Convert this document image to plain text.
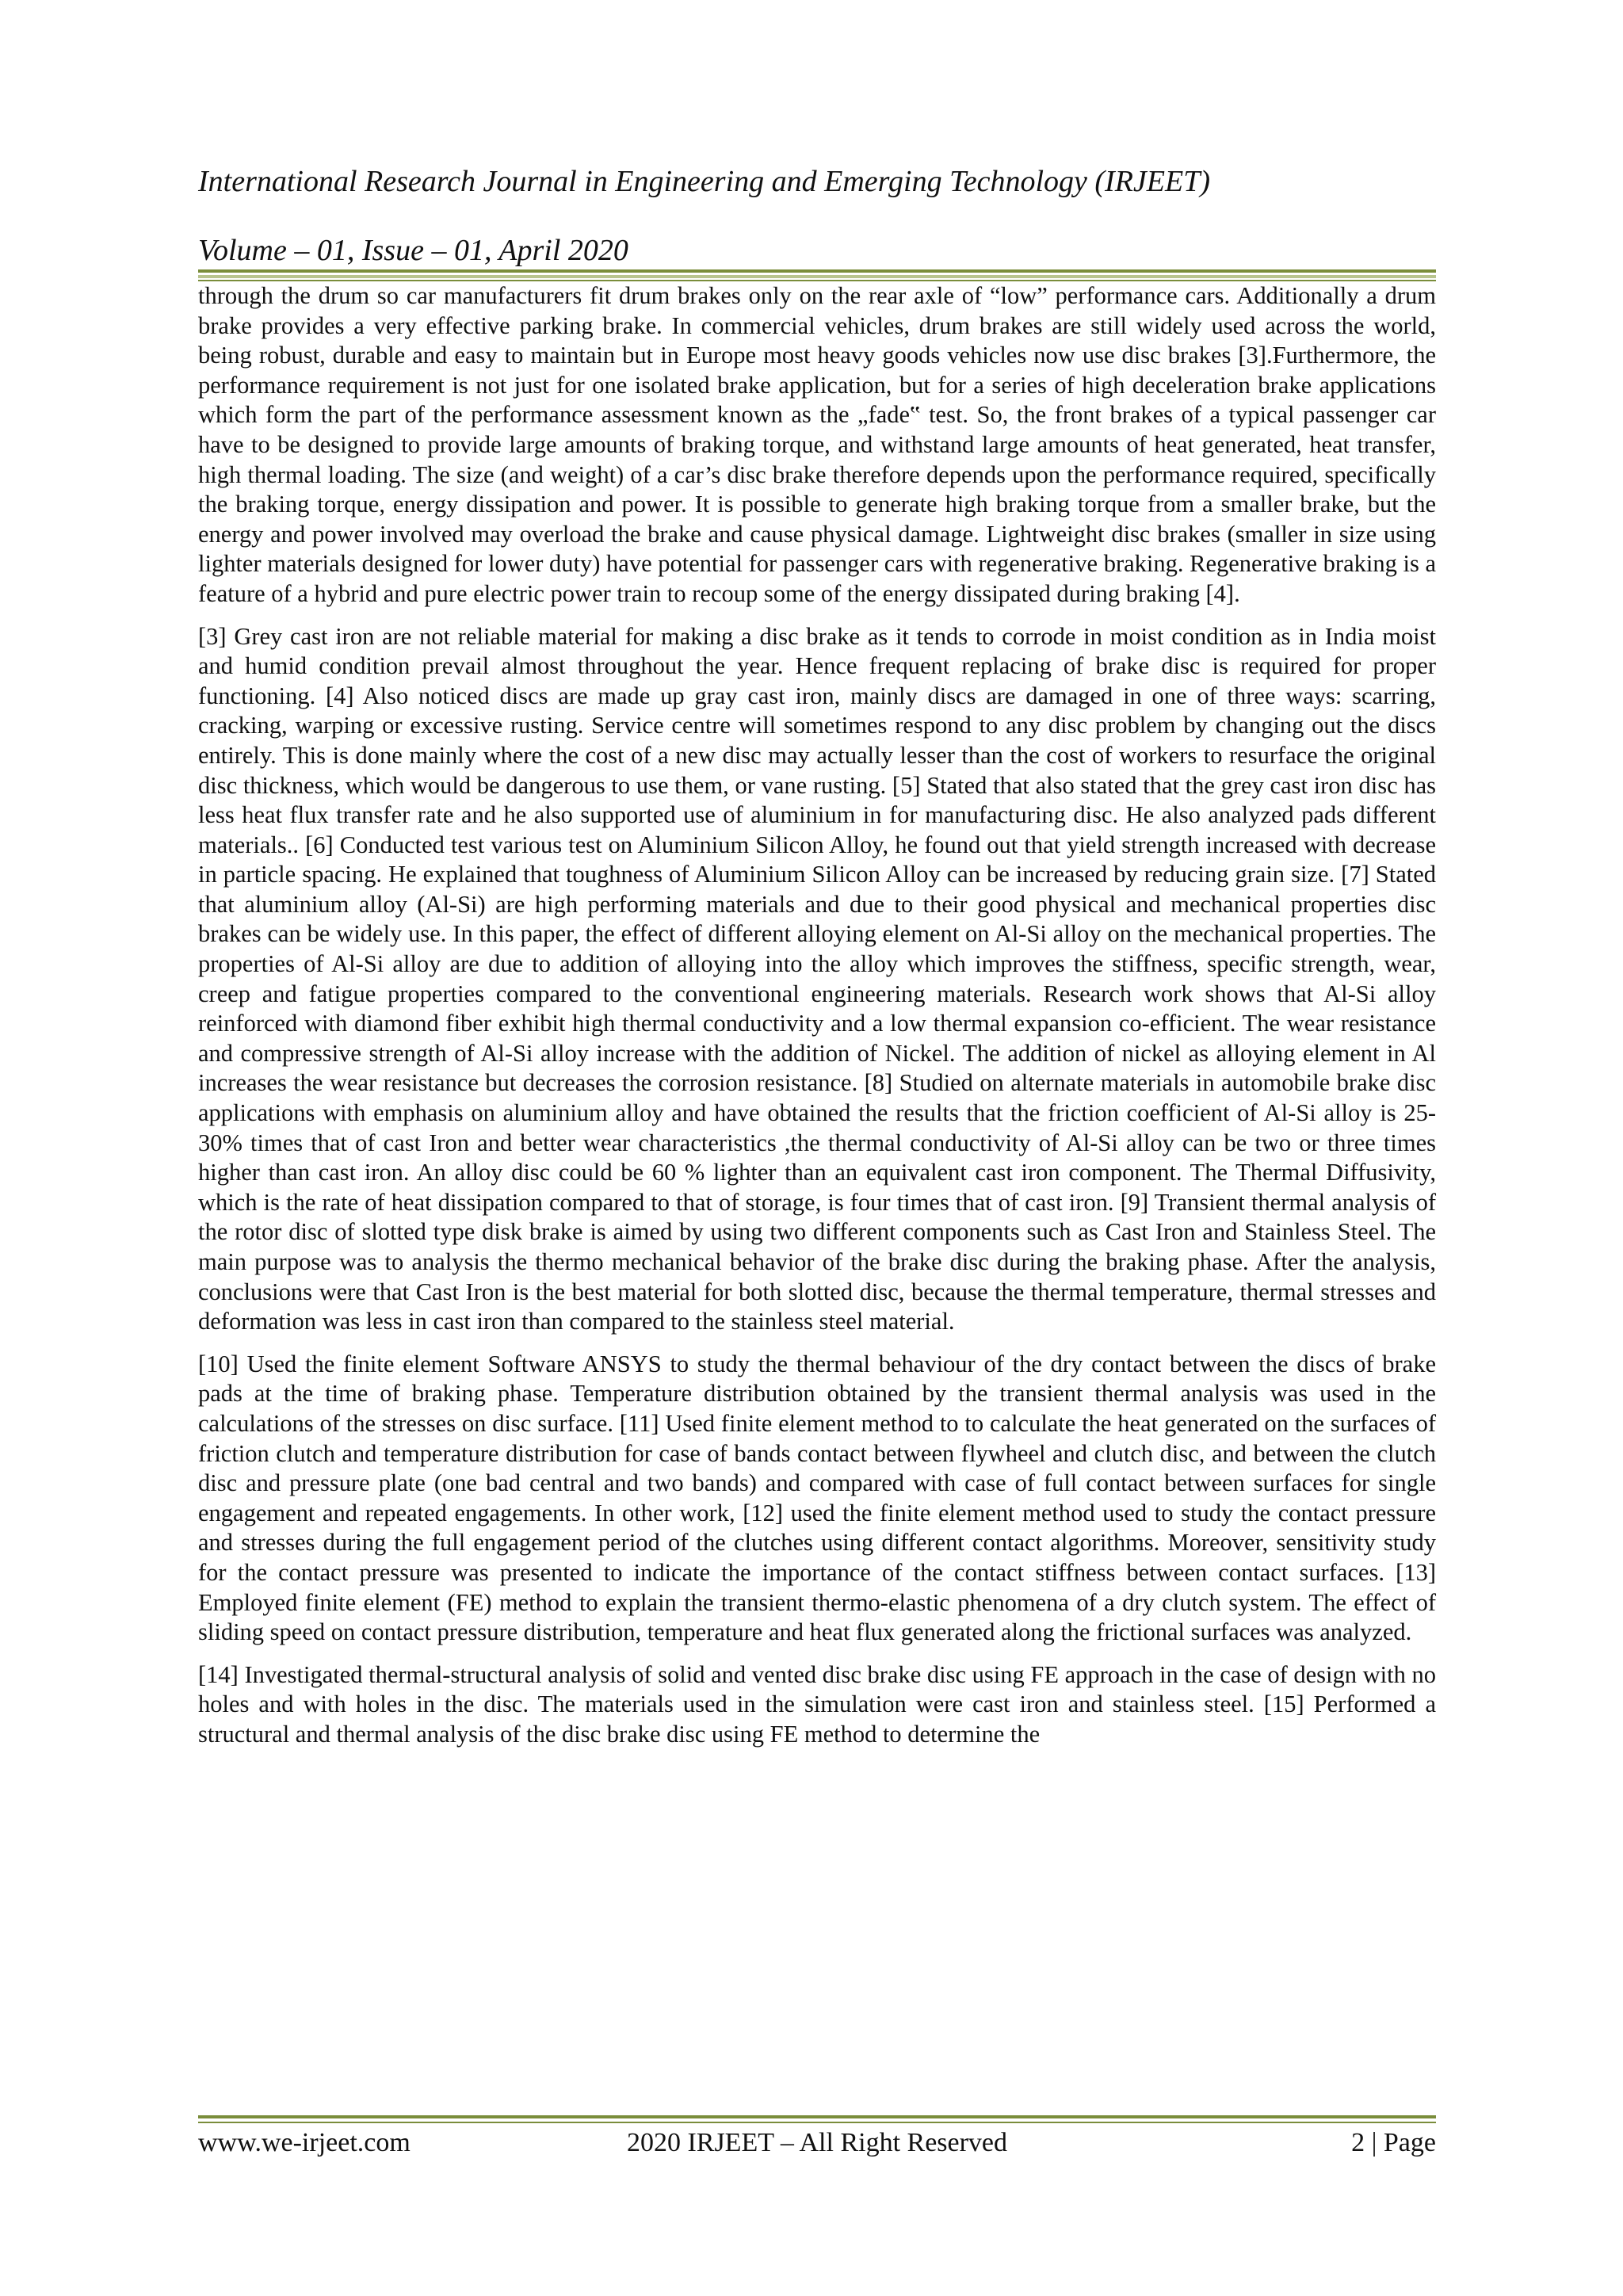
International Research Journal in Engineering and Emerging Technology (IRJEET)
Volume – 01, Issue – 01, April 2020

through the drum so car manufacturers fit drum brakes only on the rear axle of “low” performance cars. Additionally a drum brake provides a very effective parking brake. In commercial vehicles, drum brakes are still widely used across the world, being robust, durable and easy to maintain but in Europe most heavy goods vehicles now use disc brakes [3].Furthermore, the performance requirement is not just for one isolated brake application, but for a series of high deceleration brake applications which form the part of the performance assessment known as the „fade‟ test. So, the front brakes of a typical passenger car have to be designed to provide large amounts of braking torque, and withstand large amounts of heat generated, heat transfer, high thermal loading. The size (and weight) of a car’s disc brake therefore depends upon the performance required, specifically the braking torque, energy dissipation and power. It is possible to generate high braking torque from a smaller brake, but the energy and power involved may overload the brake and cause physical damage. Lightweight disc brakes (smaller in size using lighter materials designed for lower duty) have potential for passenger cars with regenerative braking. Regenerative braking is a feature of a hybrid and pure electric power train to recoup some of the energy dissipated during braking [4].

[3] Grey cast iron are not reliable material for making a disc brake as it tends to corrode in moist condition as in India moist and humid condition prevail almost throughout the year. Hence frequent replacing of brake disc is required for proper functioning. [4] Also noticed discs are made up gray cast iron, mainly discs are damaged in one of three ways: scarring, cracking, warping or excessive rusting. Service centre will sometimes respond to any disc problem by changing out the discs entirely. This is done mainly where the cost of a new disc may actually lesser than the cost of workers to resurface the original disc thickness, which would be dangerous to use them, or vane rusting. [5] Stated that also stated that the grey cast iron disc has less heat flux transfer rate and he also supported use of aluminium in for manufacturing disc. He also analyzed pads different materials.. [6] Conducted test various test on Aluminium Silicon Alloy, he found out that yield strength increased with decrease in particle spacing. He explained that toughness of Aluminium Silicon Alloy can be increased by reducing grain size. [7] Stated that aluminium alloy (Al-Si) are high performing materials and due to their good physical and mechanical properties disc brakes can be widely use. In this paper, the effect of different alloying element on Al-Si alloy on the mechanical properties. The properties of Al-Si alloy are due to addition of alloying into the alloy which improves the stiffness, specific strength, wear, creep and fatigue properties compared to the conventional engineering materials. Research work shows that Al-Si alloy reinforced with diamond fiber exhibit high thermal conductivity and a low thermal expansion co-efficient. The wear resistance and compressive strength of Al-Si alloy increase with the addition of Nickel. The addition of nickel as alloying element in Al increases the wear resistance but decreases the corrosion resistance. [8] Studied on alternate materials in automobile brake disc applications with emphasis on aluminium alloy and have obtained the results that the friction coefficient of Al-Si alloy is 25-30% times that of cast Iron and better wear characteristics ,the thermal conductivity of Al-Si alloy can be two or three times higher than cast iron. An alloy disc could be 60 % lighter than an equivalent cast iron component. The Thermal Diffusivity, which is the rate of heat dissipation compared to that of storage, is four times that of cast iron. [9] Transient thermal analysis of the rotor disc of slotted type disk brake is aimed by using two different components such as Cast Iron and Stainless Steel. The main purpose was to analysis the thermo mechanical behavior of the brake disc during the braking phase. After the analysis, conclusions were that Cast Iron is the best material for both slotted disc, because the thermal temperature, thermal stresses and deformation was less in cast iron than compared to the stainless steel material.

[10] Used the finite element Software ANSYS to study the thermal behaviour of the dry contact between the discs of brake pads at the time of braking phase. Temperature distribution obtained by the transient thermal analysis was used in the calculations of the stresses on disc surface. [11] Used finite element method to to calculate the heat generated on the surfaces of friction clutch and temperature distribution for case of bands contact between flywheel and clutch disc, and between the clutch disc and pressure plate (one bad central and two bands) and compared with case of full contact between surfaces for single engagement and repeated engagements. In other work, [12] used the finite element method used to study the contact pressure and stresses during the full engagement period of the clutches using different contact algorithms. Moreover, sensitivity study for the contact pressure was presented to indicate the importance of the contact stiffness between contact surfaces. [13] Employed finite element (FE) method to explain the transient thermo-elastic phenomena of a dry clutch system. The effect of sliding speed on contact pressure distribution, temperature and heat flux generated along the frictional surfaces was analyzed.

[14] Investigated thermal-structural analysis of solid and vented disc brake disc using FE approach in the case of design with no holes and with holes in the disc. The materials used in the simulation were cast iron and stainless steel. [15] Performed a structural and thermal analysis of the disc brake disc using FE method to determine the

www.we-irjeet.com	2020 IRJEET – All Right Reserved	2 | Page
